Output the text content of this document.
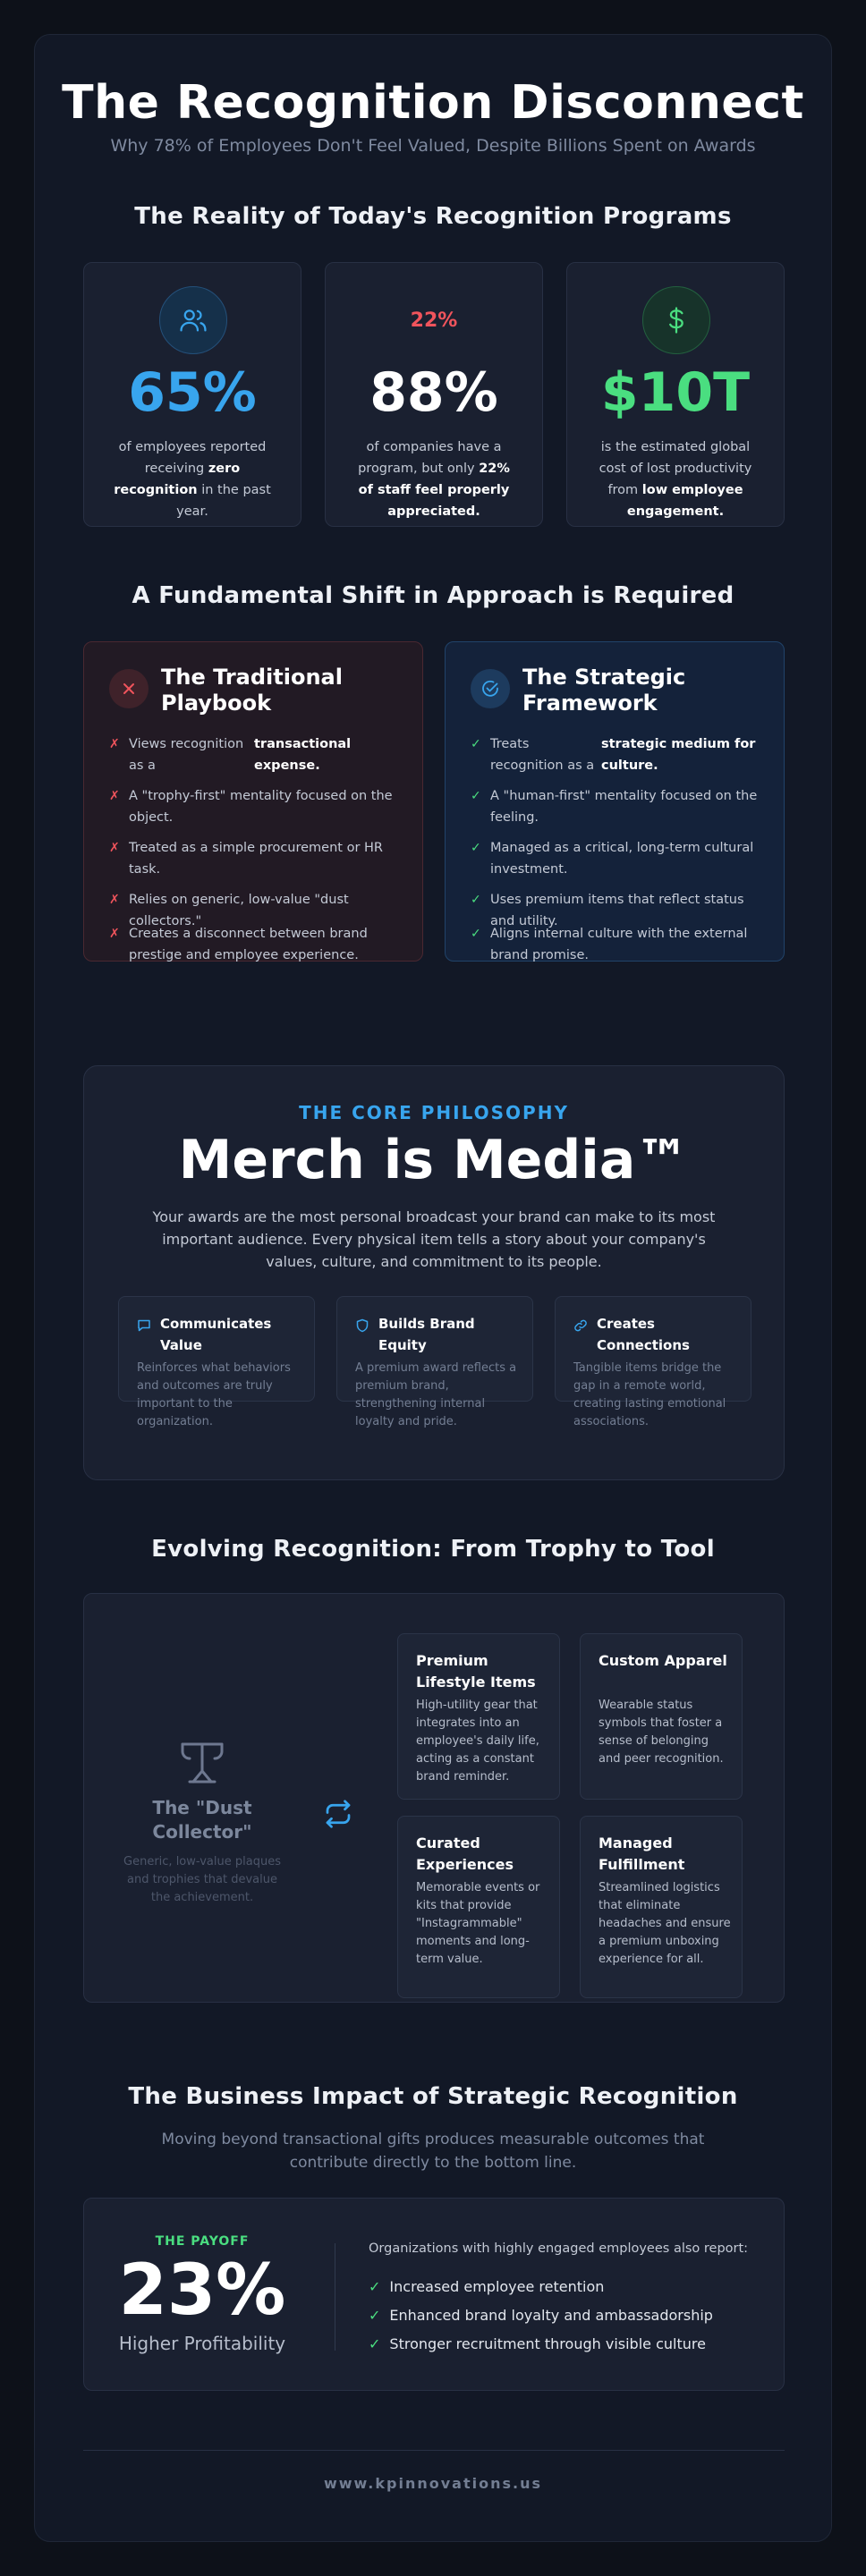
The Recognition Disconnect
Why 78% of Employees Don't Feel Valued, Despite Billions Spent on Awards
The Reality of Today's Recognition Programs
65%
of employees reported receiving zero recognition in the past year.
22%
88%
of companies have a program, but only 22% of staff feel properly appreciated.
$10T
is the estimated global cost of lost productivity from low employee engagement.
A Fundamental Shift in Approach is Required
The Traditional
Playbook
✗ Views recognition as a
transactional expense.
✗ A "trophy-first" mentality focused on the object.
✗ Treated as a simple procurement or HR task.
✗ Relies on generic, low-value "dust collectors."
✗ Creates a disconnect between brand prestige and employee experience.
The Strategic
Framework
✓ Treats recognition as a
strategic medium for culture.
✓ A "human-first" mentality focused on the feeling.
✓ Managed as a critical, long-term cultural investment.
✓ Uses premium items that reflect status and utility.
✓ Aligns internal culture with the external brand promise.
THE CORE PHILOSOPHY
Merch is Media™
Your awards are the most personal broadcast your brand can make to its most important audience. Every physical item tells a story about your company's values, culture, and commitment to its people.
Communicates Value
Reinforces what behaviors and outcomes are truly important to the organization.
Builds Brand Equity
A premium award reflects a premium brand, strengthening internal loyalty and pride.
Creates Connections
Tangible items bridge the gap in a remote world, creating lasting emotional associations.
Evolving Recognition: From Trophy to Tool
The "Dust Collector"
Generic, low-value plaques and trophies that devalue the achievement.
Premium Lifestyle Items
High-utility gear that integrates into an employee's daily life, acting as a constant brand reminder.
Custom Apparel
Wearable status symbols that foster a sense of belonging and peer recognition.
Curated Experiences
Memorable events or kits that provide "Instagrammable" moments and long-term value.
Managed Fulfillment
Streamlined logistics that eliminate headaches and ensure a premium unboxing experience for all.
The Business Impact of Strategic Recognition
Moving beyond transactional gifts produces measurable outcomes that contribute directly to the bottom line.
THE PAYOFF
23%
Higher Profitability
Organizations with highly engaged employees also report:
✓ Increased employee retention
✓ Enhanced brand loyalty and ambassadorship
✓ Stronger recruitment through visible culture
www.kpinnovations.us
